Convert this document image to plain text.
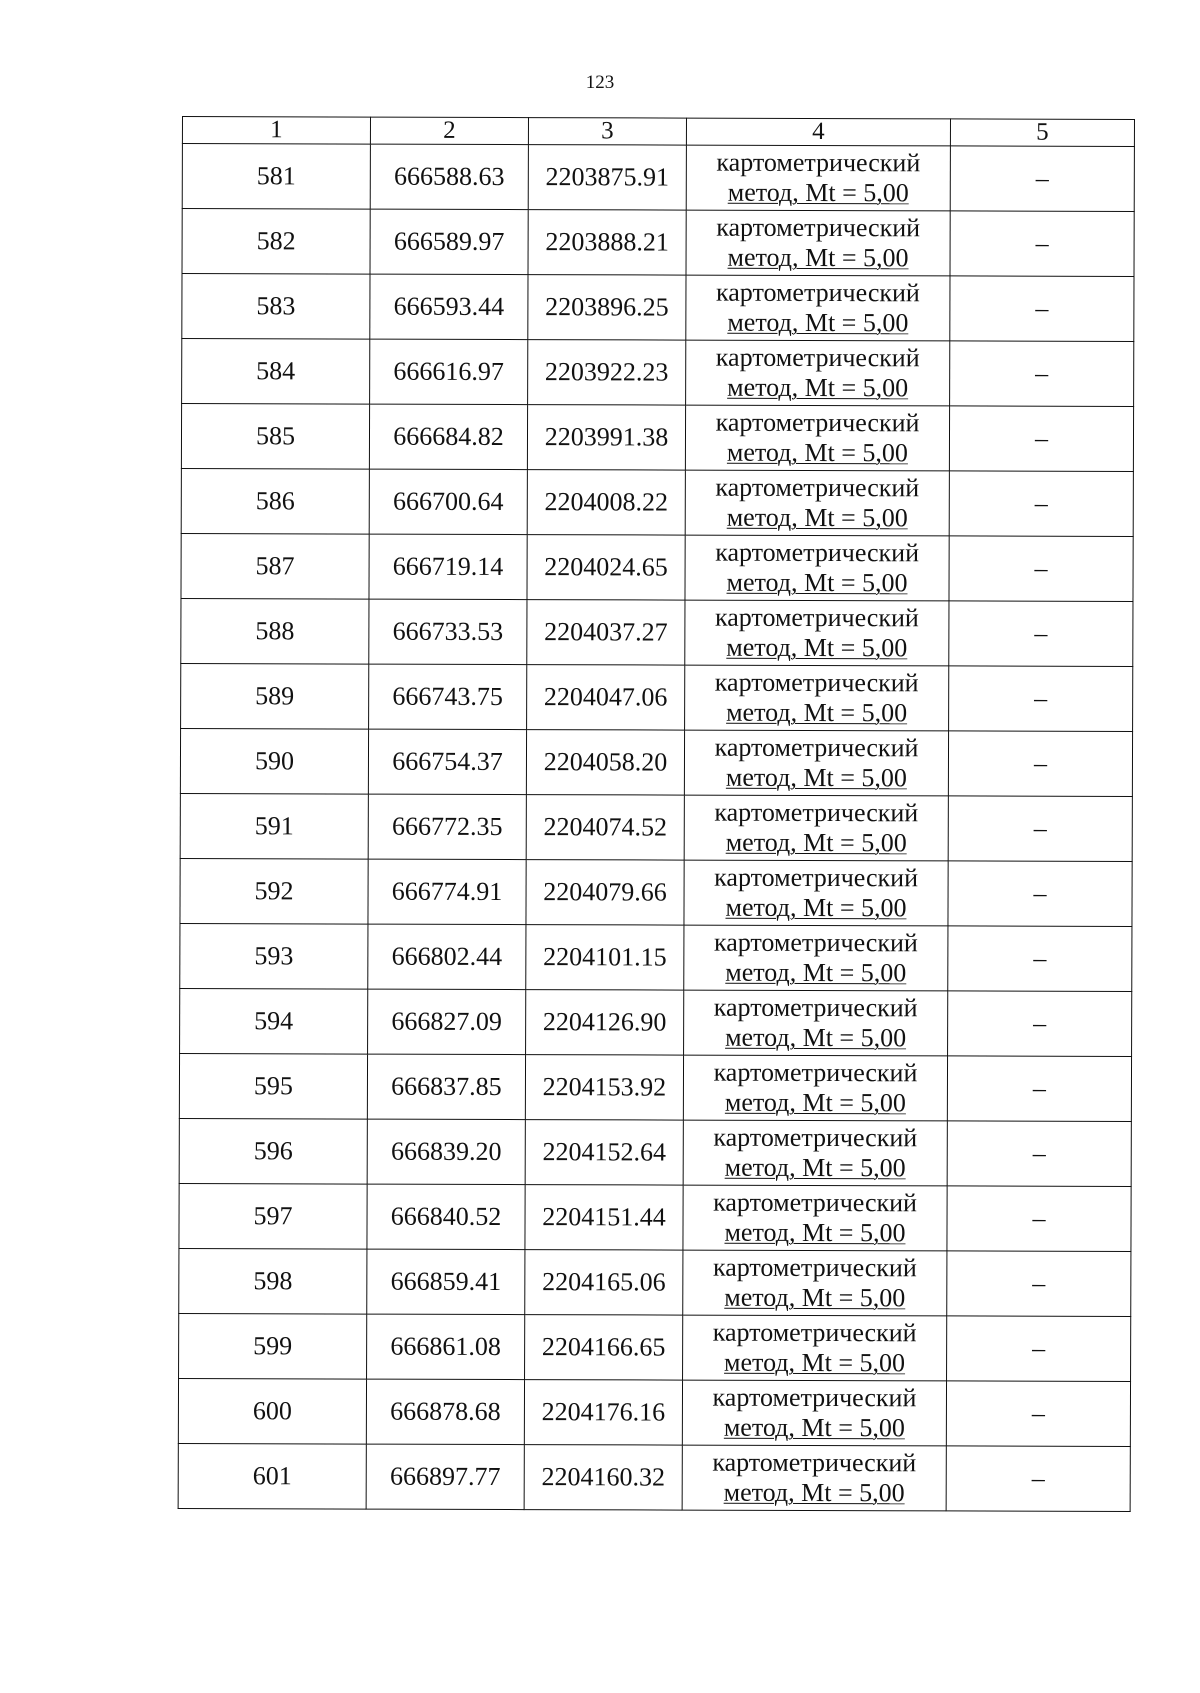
123
1	2	3	4	5
581	666588.63	2203875.91	картометрический
метод, Mt = 5,00	–
582	666589.97	2203888.21	картометрический
метод, Mt = 5,00	–
583	666593.44	2203896.25	картометрический
метод, Mt = 5,00	–
584	666616.97	2203922.23	картометрический
метод, Mt = 5,00	–
585	666684.82	2203991.38	картометрический
метод, Mt = 5,00	–
586	666700.64	2204008.22	картометрический
метод, Mt = 5,00	–
587	666719.14	2204024.65	картометрический
метод, Mt = 5,00	–
588	666733.53	2204037.27	картометрический
метод, Mt = 5,00	–
589	666743.75	2204047.06	картометрический
метод, Mt = 5,00	–
590	666754.37	2204058.20	картометрический
метод, Mt = 5,00	–
591	666772.35	2204074.52	картометрический
метод, Mt = 5,00	–
592	666774.91	2204079.66	картометрический
метод, Mt = 5,00	–
593	666802.44	2204101.15	картометрический
метод, Mt = 5,00	–
594	666827.09	2204126.90	картометрический
метод, Mt = 5,00	–
595	666837.85	2204153.92	картометрический
метод, Mt = 5,00	–
596	666839.20	2204152.64	картометрический
метод, Mt = 5,00	–
597	666840.52	2204151.44	картометрический
метод, Mt = 5,00	–
598	666859.41	2204165.06	картометрический
метод, Mt = 5,00	–
599	666861.08	2204166.65	картометрический
метод, Mt = 5,00	–
600	666878.68	2204176.16	картометрический
метод, Mt = 5,00	–
601	666897.77	2204160.32	картометрический
метод, Mt = 5,00	–
